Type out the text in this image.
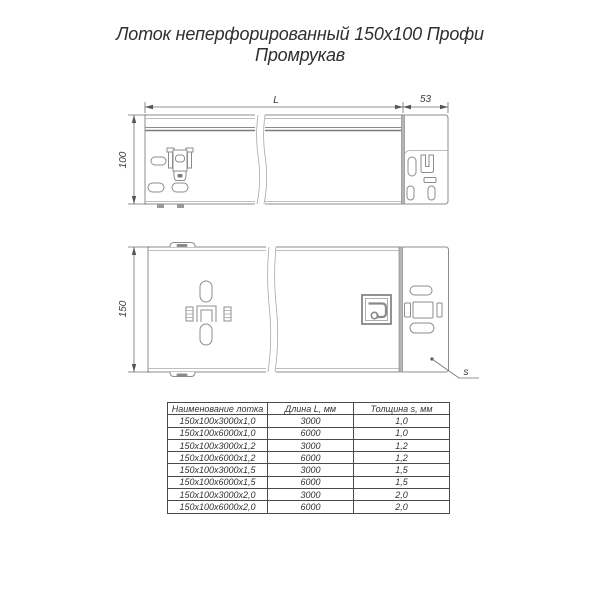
Лоток неперфорированный 150x100 Профи
Промрукав
L	53
100
s
150
Наименование лотка	Длина L, мм	Толщина s, мм
150x100x3000x1,0	3000	1,0
150x100x6000x1,0	6000	1,0
150x100x3000x1,2	3000	1,2
150x100x6000x1,2	6000	1,2
150x100x3000x1,5	3000	1,5
150x100x6000x1,5	6000	1,5
150x100x3000x2,0	3000	2,0
150x100x6000x2,0	6000	2,0
